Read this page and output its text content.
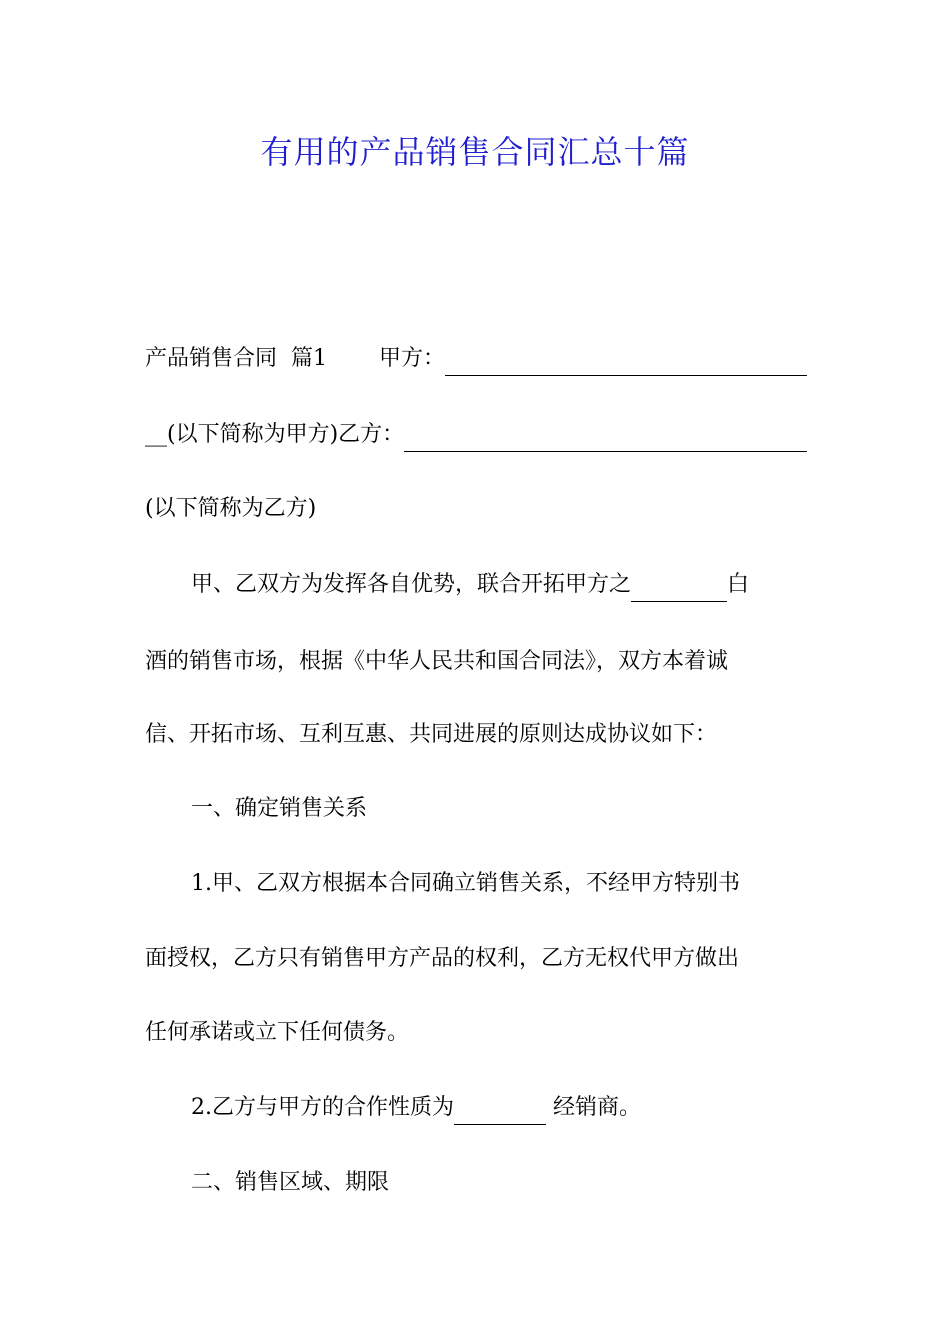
有用的产品销售合同汇总十篇
产品销售合同  篇1 甲方：
__(以下简称为甲方)乙方：
(以下简称为乙方)
甲、乙双方为发挥各自优势，联合开拓甲方之	白
酒的销售市场，根据《中华人民共和国合同法》，双方本着诚
信、开拓市场、互利互惠、共同进展的原则达成协议如下：
一、确定销售关系
1.甲、乙双方根据本合同确立销售关系，不经甲方特别书
面授权，乙方只有销售甲方产品的权利，乙方无权代甲方做出
任何承诺或立下任何债务。
2.乙方与甲方的合作性质为	经销商。
二、销售区域、期限
